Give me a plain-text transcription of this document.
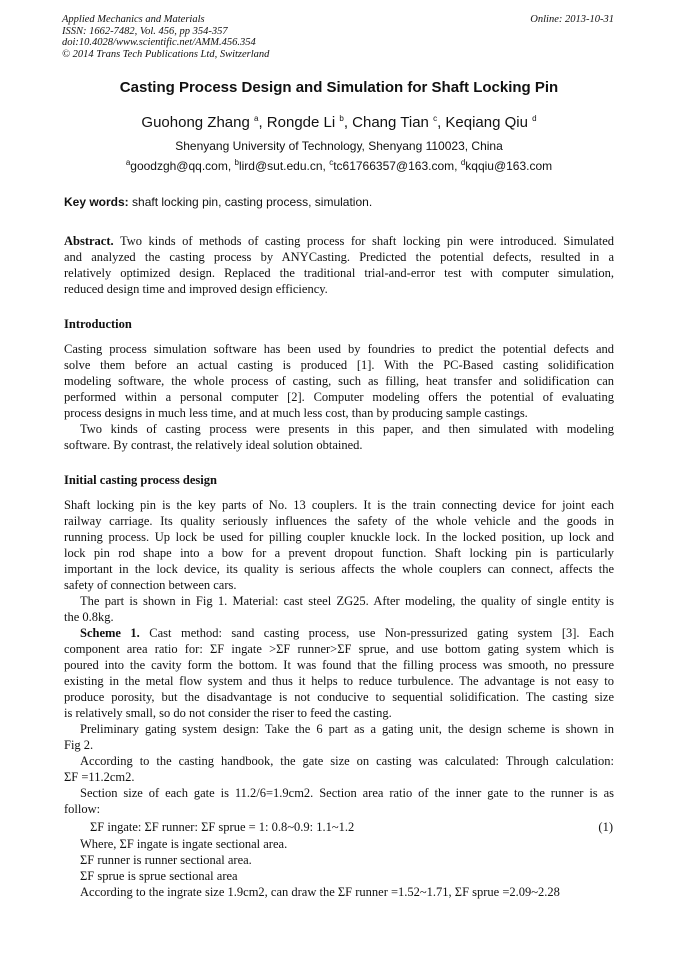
Applied Mechanics and Materials
ISSN: 1662-7482, Vol. 456, pp 354-357
doi:10.4028/www.scientific.net/AMM.456.354
© 2014 Trans Tech Publications Ltd, Switzerland
Online: 2013-10-31
Casting Process Design and Simulation for Shaft Locking Pin
Guohong Zhang $^a$, Rongde Li $^b$, Chang Tian $^c$, Keqiang Qiu $^d$
Shenyang University of Technology, Shenyang 110023, China
$^a$goodzgh@qq.com, $^b$lird@sut.edu.cn, $^c$tc61766357@163.com, $^d$kqqiu@163.com
Key words: shaft locking pin, casting process, simulation.
Abstract. Two kinds of methods of casting process for shaft locking pin were introduced. Simulated
and analyzed the casting process by ANYCasting. Predicted the potential defects, resulted in a
relatively optimized design. Replaced the traditional trial-and-error test with computer simulation,
reduced design time and improved design efficiency.
Introduction
Casting process simulation software has been used by foundries to predict the potential defects and
solve them before an actual casting is produced [1]. With the PC-Based casting solidification
modeling software, the whole process of casting, such as filling, heat transfer and solidification can
performed within a personal computer [2]. Computer modeling offers the potential of evaluating
process designs in much less time, and at much less cost, than by producing sample castings.
Two kinds of casting process were presents in this paper, and then simulated with modeling
software. By contrast, the relatively ideal solution obtained.
Initial casting process design
Shaft locking pin is the key parts of No. 13 couplers. It is the train connecting device for joint each
railway carriage. Its quality seriously influences the safety of the whole vehicle and the goods in
running process. Up lock be used for pilling coupler knuckle lock. In the locked position, up lock and
lock pin rod shape into a bow for a prevent dropout function. Shaft locking pin is particularly
important in the lock device, its quality is serious affects the whole couplers can connect, affects the
safety of connection between cars.
The part is shown in Fig 1. Material: cast steel ZG25. After modeling, the quality of single entity is
the 0.8kg.
Scheme 1. Cast method: sand casting process, use Non-pressurized gating system [3]. Each
component area ratio for: ΣF ingate >ΣF runner>ΣF sprue, and use bottom gating system which is
poured into the cavity form the bottom. It was found that the filling process was smooth, no pressure
existing in the metal flow system and thus it helps to reduce turbulence. The advantage is not easy to
produce porosity, but the disadvantage is not conducive to sequential solidification. The casting size
is relatively small, so do not consider the riser to feed the casting.
Preliminary gating system design: Take the 6 part as a gating unit, the design scheme is shown in
Fig 2.
According to the casting handbook, the gate size on casting was calculated: Through calculation:
ΣF =11.2cm2.
Section size of each gate is 11.2/6=1.9cm2. Section area ratio of the inner gate to the runner is as
follow:
ΣF ingate: ΣF runner: ΣF sprue = 1: 0.8~0.9: 1.1~1.2	(1)
Where, ΣF ingate is ingate sectional area.
ΣF runner is runner sectional area.
ΣF sprue is sprue sectional area
According to the ingrate size 1.9cm2, can draw the ΣF runner =1.52~1.71, ΣF sprue =2.09~2.28
